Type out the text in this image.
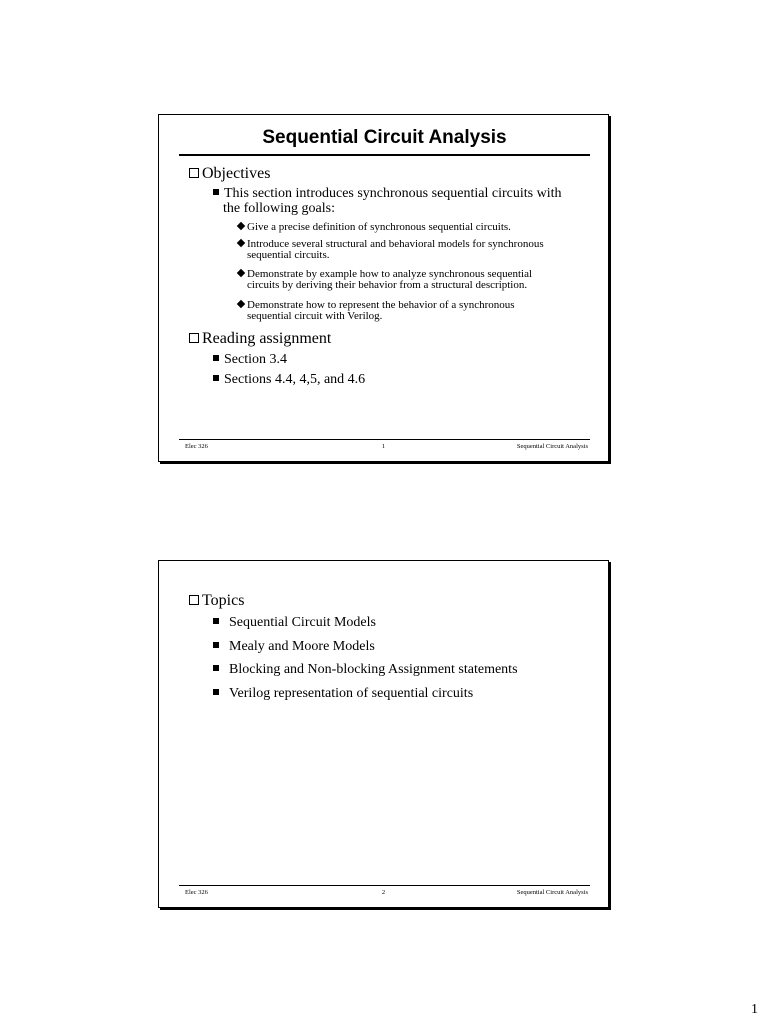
Sequential Circuit Analysis
Objectives
This section introduces synchronous sequential circuits with
the following goals:
Give a precise definition of synchronous sequential circuits.
Introduce several structural and behavioral models for synchronous
sequential circuits.
Demonstrate by example how to analyze synchronous sequential
circuits by deriving their behavior from a structural description.
Demonstrate how to represent the behavior of a synchronous
sequential circuit with Verilog.
Reading assignment
Section 3.4
Sections 4.4, 4,5, and 4.6
Elec 326	1	Sequential Circuit Analysis
Topics
Sequential Circuit Models
Mealy and Moore Models
Blocking and Non-blocking Assignment statements
Verilog representation of sequential circuits
Elec 326	2	Sequential Circuit Analysis
1
